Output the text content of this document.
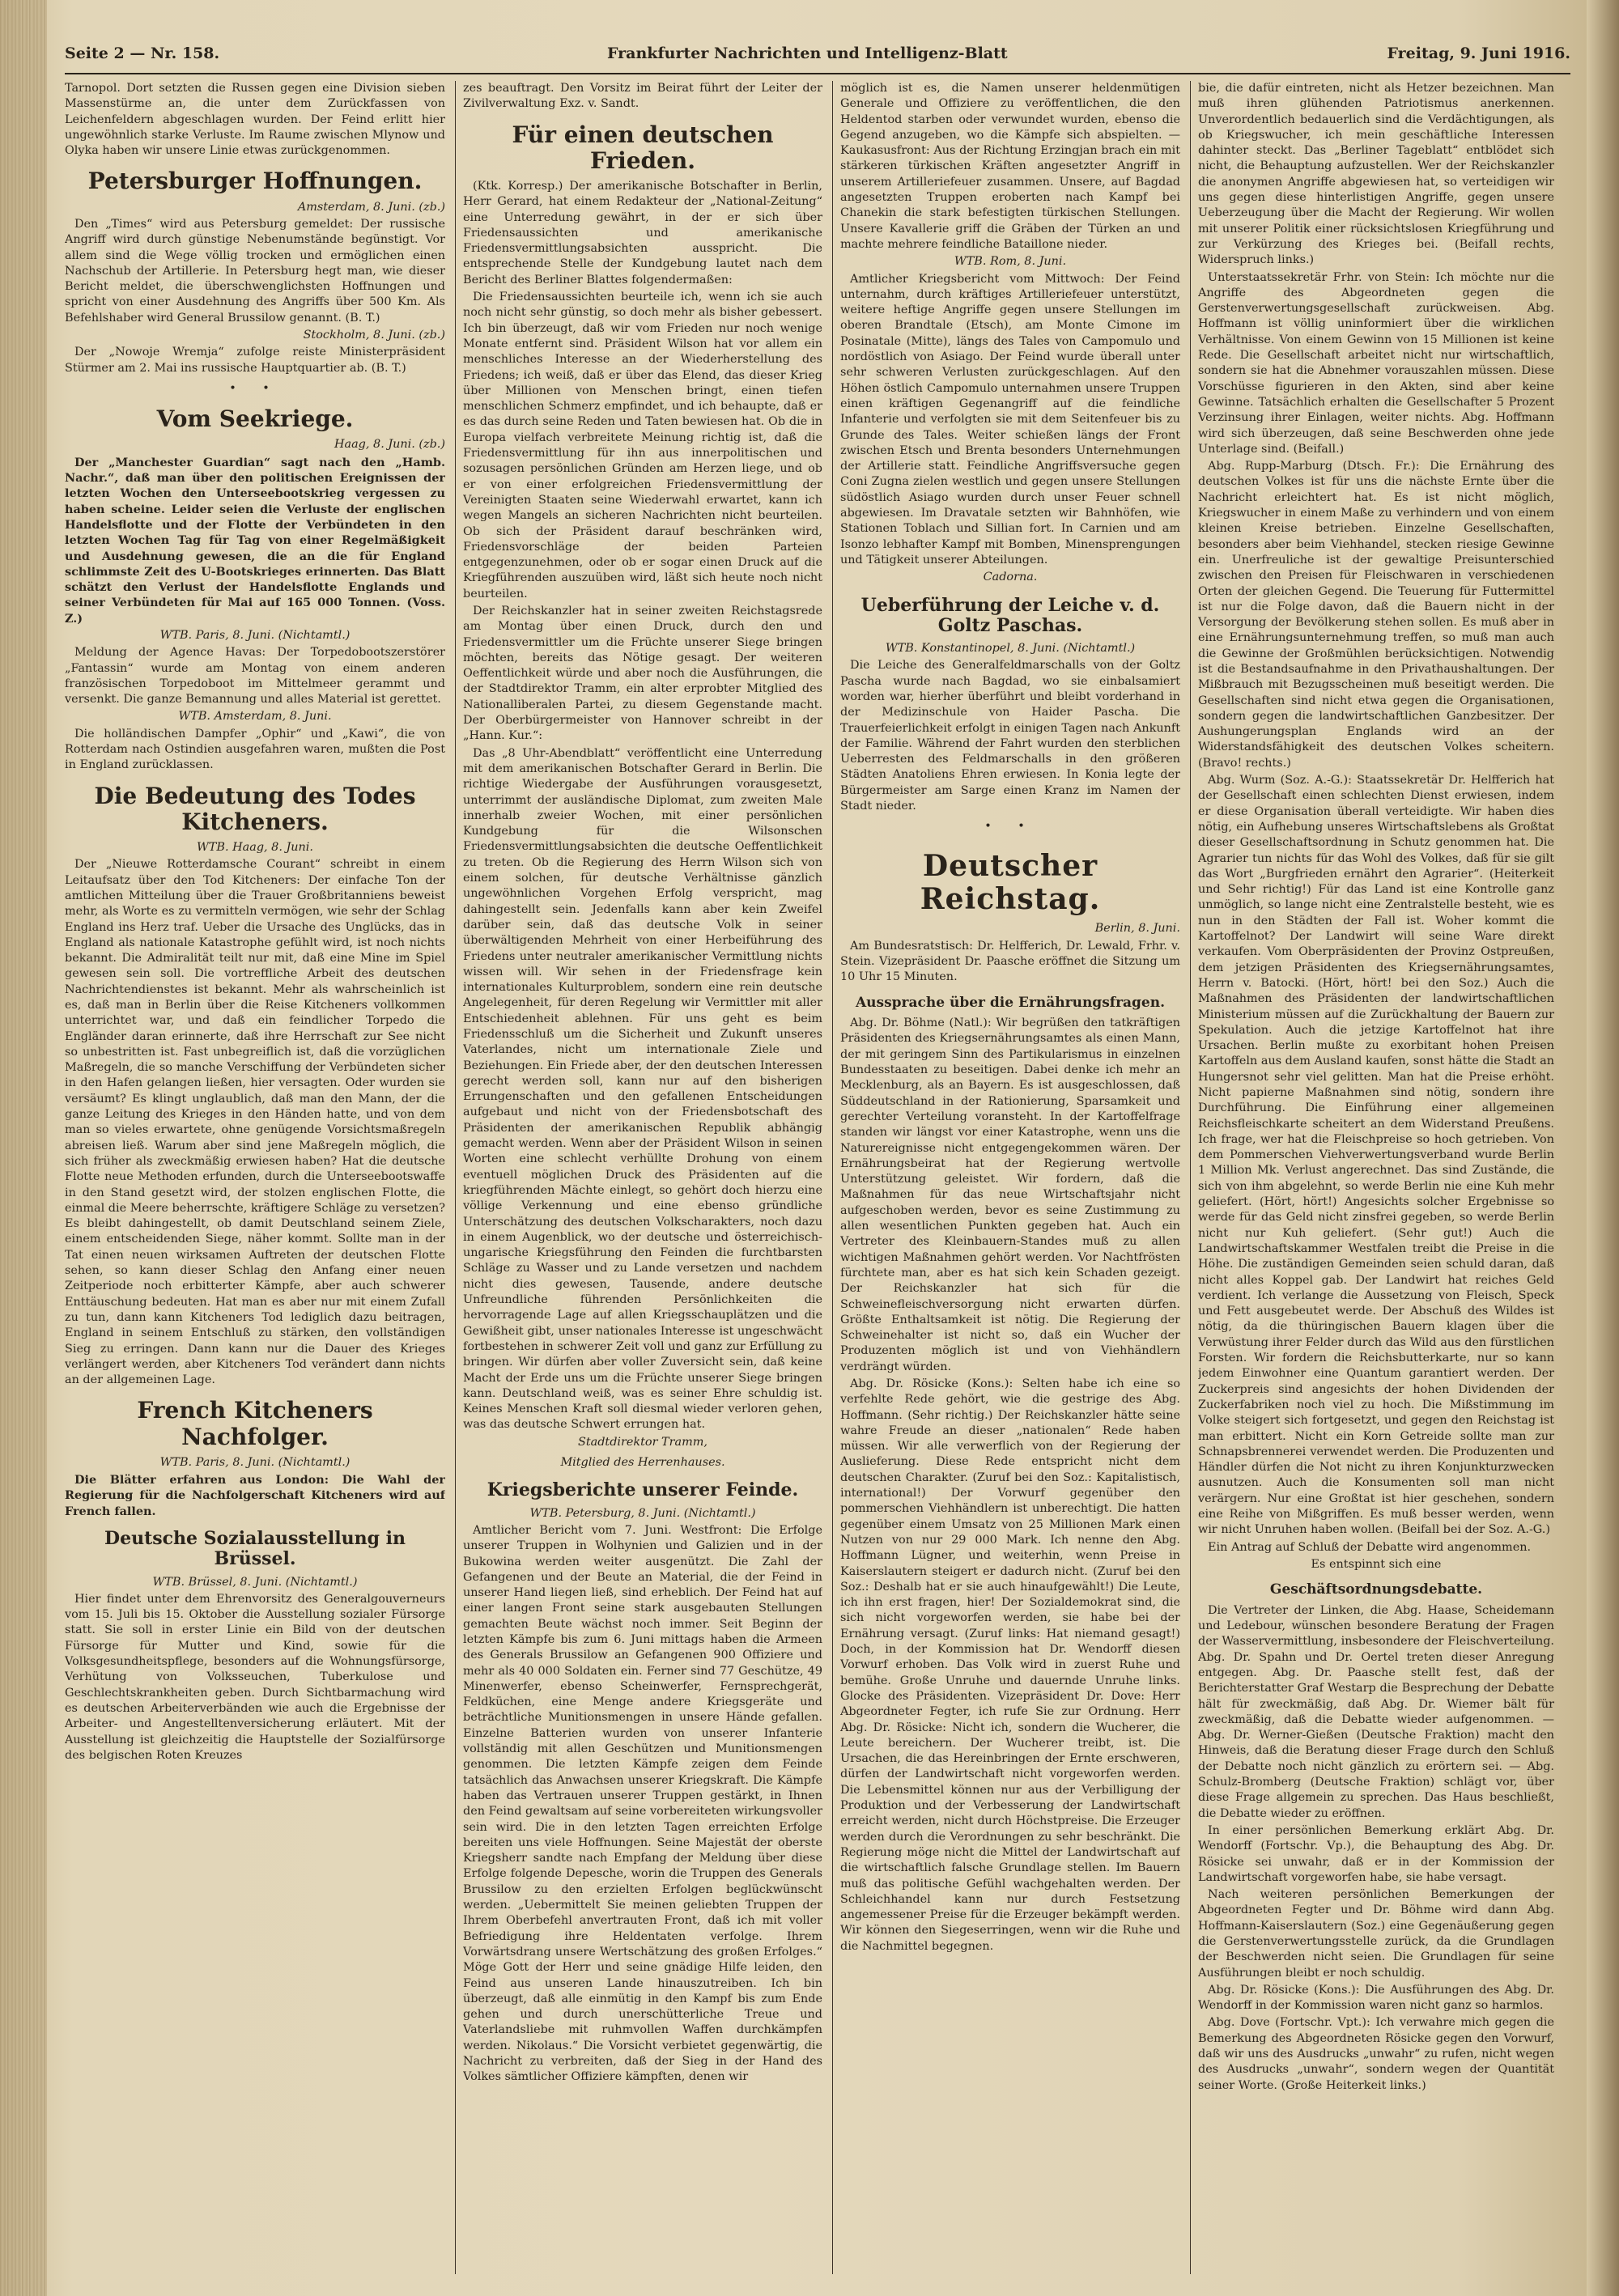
Seite 2 — Nr. 158.	Frankfurter Nachrichten und Intelligenz-Blatt	Freitag, 9. Juni 1916.

Tarnopol. Dort setzten die Russen gegen eine Division sieben Massenstürme an, die unter dem Zurückfassen von Leichenfeldern abgeschlagen wurden. Der Feind erlitt hier ungewöhnlich starke Verluste. Im Raume zwischen Mlynow und Olyka haben wir unsere Linie etwas zurückgenommen.

Petersburger Hoffnungen.
Amsterdam, 8. Juni. (zb.)

Den „Times“ wird aus Petersburg gemeldet: Der russische Angriff wird durch günstige Nebenumstände begünstigt. Vor allem sind die Wege völlig trocken und ermöglichen einen Nachschub der Artillerie. In Petersburg hegt man, wie dieser Bericht meldet, die überschwenglichsten Hoffnungen und spricht von einer Ausdehnung des Angriffs über 500 Km. Als Befehlshaber wird General Brussilow genannt. (B. T.)

Stockholm, 8. Juni. (zb.)

Der „Nowoje Wremja“ zufolge reiste Ministerpräsident Stürmer am 2. Mai ins russische Hauptquartier ab. (B. T.)

• •
Vom Seekriege.
Haag, 8. Juni. (zb.)

Der „Manchester Guardian“ sagt nach den „Hamb. Nachr.“, daß man über den politischen Ereignissen der letzten Wochen den Unterseebootskrieg vergessen zu haben scheine. Leider seien die Verluste der englischen Handelsflotte und der Flotte der Verbündeten in den letzten Wochen Tag für Tag von einer Regelmäßigkeit und Ausdehnung gewesen, die an die für England schlimmste Zeit des U-Bootskrieges erinnerten. Das Blatt schätzt den Verlust der Handelsflotte Englands und seiner Verbündeten für Mai auf 165 000 Tonnen. (Voss. Z.)

WTB. Paris, 8. Juni. (Nichtamtl.)

Meldung der Agence Havas: Der Torpedobootszerstörer „Fantassin“ wurde am Montag von einem anderen französischen Torpedoboot im Mittelmeer gerammt und versenkt. Die ganze Bemannung und alles Material ist gerettet.

WTB. Amsterdam, 8. Juni.

Die holländischen Dampfer „Ophir“ und „Kawi“, die von Rotterdam nach Ostindien ausgefahren waren, mußten die Post in England zurücklassen.

Die Bedeutung des Todes Kitcheners.
WTB. Haag, 8. Juni.

Der „Nieuwe Rotterdamsche Courant“ schreibt in einem Leitaufsatz über den Tod Kitcheners: Der einfache Ton der amtlichen Mitteilung über die Trauer Großbritanniens beweist mehr, als Worte es zu vermitteln vermögen, wie sehr der Schlag England ins Herz traf. Ueber die Ursache des Unglücks, das in England als nationale Katastrophe gefühlt wird, ist noch nichts bekannt. Die Admiralität teilt nur mit, daß eine Mine im Spiel gewesen sein soll. Die vortreffliche Arbeit des deutschen Nachrichtendienstes ist bekannt. Mehr als wahrscheinlich ist es, daß man in Berlin über die Reise Kitcheners vollkommen unterrichtet war, und daß ein feindlicher Torpedo die Engländer daran erinnerte, daß ihre Herrschaft zur See nicht so unbestritten ist. Fast unbegreiflich ist, daß die vorzüglichen Maßregeln, die so manche Verschiffung der Verbündeten sicher in den Hafen gelangen ließen, hier versagten. Oder wurden sie versäumt? Es klingt unglaublich, daß man den Mann, der die ganze Leitung des Krieges in den Händen hatte, und von dem man so vieles erwartete, ohne genügende Vorsichtsmaßregeln abreisen ließ. Warum aber sind jene Maßregeln möglich, die sich früher als zweckmäßig erwiesen haben? Hat die deutsche Flotte neue Methoden erfunden, durch die Unterseebootswaffe in den Stand gesetzt wird, der stolzen englischen Flotte, die einmal die Meere beherrschte, kräftigere Schläge zu versetzen? Es bleibt dahingestellt, ob damit Deutschland seinem Ziele, einem entscheidenden Siege, näher kommt. Sollte man in der Tat einen neuen wirksamen Auftreten der deutschen Flotte sehen, so kann dieser Schlag den Anfang einer neuen Zeitperiode noch erbitterter Kämpfe, aber auch schwerer Enttäuschung bedeuten. Hat man es aber nur mit einem Zufall zu tun, dann kann Kitcheners Tod lediglich dazu beitragen, England in seinem Entschluß zu stärken, den vollständigen Sieg zu erringen. Dann kann nur die Dauer des Krieges verlängert werden, aber Kitcheners Tod verändert dann nichts an der allgemeinen Lage.

French Kitcheners Nachfolger.
WTB. Paris, 8. Juni. (Nichtamtl.)

Die Blätter erfahren aus London: Die Wahl der Regierung für die Nachfolgerschaft Kitcheners wird auf French fallen.

Deutsche Sozialausstellung in Brüssel.
WTB. Brüssel, 8. Juni. (Nichtamtl.)

Hier findet unter dem Ehrenvorsitz des Generalgouverneurs vom 15. Juli bis 15. Oktober die Ausstellung sozialer Fürsorge statt. Sie soll in erster Linie ein Bild von der deutschen Fürsorge für Mutter und Kind, sowie für die Volksgesundheitspflege, besonders auf die Wohnungsfürsorge, Verhütung von Volksseuchen, Tuberkulose und Geschlechtskrankheiten geben. Durch Sichtbarmachung wird es deutschen Arbeiterverbänden wie auch die Ergebnisse der Arbeiter- und Angestelltenversicherung erläutert. Mit der Ausstellung ist gleichzeitig die Hauptstelle der Sozialfürsorge des belgischen Roten Kreuzes

zes beauftragt. Den Vorsitz im Beirat führt der Leiter der Zivilverwaltung Exz. v. Sandt.

Für einen deutschen Frieden.

(Ktk. Korresp.) Der amerikanische Botschafter in Berlin, Herr Gerard, hat einem Redakteur der „National-Zeitung“ eine Unterredung gewährt, in der er sich über Friedensaussichten und amerikanische Friedensvermittlungsabsichten ausspricht. Die entsprechende Stelle der Kundgebung lautet nach dem Bericht des Berliner Blattes folgendermaßen:

Die Friedensaussichten beurteile ich, wenn ich sie auch noch nicht sehr günstig, so doch mehr als bisher gebessert. Ich bin überzeugt, daß wir vom Frieden nur noch wenige Monate entfernt sind. Präsident Wilson hat vor allem ein menschliches Interesse an der Wiederherstellung des Friedens; ich weiß, daß er über das Elend, das dieser Krieg über Millionen von Menschen bringt, einen tiefen menschlichen Schmerz empfindet, und ich behaupte, daß er es das durch seine Reden und Taten bewiesen hat. Ob die in Europa vielfach verbreitete Meinung richtig ist, daß die Friedensvermittlung für ihn aus innerpolitischen und sozusagen persönlichen Gründen am Herzen liege, und ob er von einer erfolgreichen Friedensvermittlung der Vereinigten Staaten seine Wiederwahl erwartet, kann ich wegen Mangels an sicheren Nachrichten nicht beurteilen. Ob sich der Präsident darauf beschränken wird, Friedensvorschläge der beiden Parteien entgegenzunehmen, oder ob er sogar einen Druck auf die Kriegführenden auszuüben wird, läßt sich heute noch nicht beurteilen.

Der Reichskanzler hat in seiner zweiten Reichstagsrede am Montag über einen Druck, durch den und Friedensvermittler um die Früchte unserer Siege bringen möchten, bereits das Nötige gesagt. Der weiteren Oeffentlichkeit würde und aber noch die Ausführungen, die der Stadtdirektor Tramm, ein alter erprobter Mitglied des Nationalliberalen Partei, zu diesem Gegenstande macht. Der Oberbürgermeister von Hannover schreibt in der „Hann. Kur.“:

Das „8 Uhr-Abendblatt“ veröffentlicht eine Unterredung mit dem amerikanischen Botschafter Gerard in Berlin. Die richtige Wiedergabe der Ausführungen vorausgesetzt, unterrimmt der ausländische Diplomat, zum zweiten Male innerhalb zweier Wochen, mit einer persönlichen Kundgebung für die Wilsonschen Friedensvermittlungsabsichten die deutsche Oeffentlichkeit zu treten. Ob die Regierung des Herrn Wilson sich von einem solchen, für deutsche Verhältnisse gänzlich ungewöhnlichen Vorgehen Erfolg verspricht, mag dahingestellt sein. Jedenfalls kann aber kein Zweifel darüber sein, daß das deutsche Volk in seiner überwältigenden Mehrheit von einer Herbeiführung des Friedens unter neutraler amerikanischer Vermittlung nichts wissen will. Wir sehen in der Friedensfrage kein internationales Kulturproblem, sondern eine rein deutsche Angelegenheit, für deren Regelung wir Vermittler mit aller Entschiedenheit ablehnen. Für uns geht es beim Friedensschluß um die Sicherheit und Zukunft unseres Vaterlandes, nicht um internationale Ziele und Beziehungen. Ein Friede aber, der den deutschen Interessen gerecht werden soll, kann nur auf den bisherigen Errungenschaften und den gefallenen Entscheidungen aufgebaut und nicht von der Friedensbotschaft des Präsidenten der amerikanischen Republik abhängig gemacht werden. Wenn aber der Präsident Wilson in seinen Worten eine schlecht verhüllte Drohung von einem eventuell möglichen Druck des Präsidenten auf die kriegführenden Mächte einlegt, so gehört doch hierzu eine völlige Verkennung und eine ebenso gründliche Unterschätzung des deutschen Volkscharakters, noch dazu in einem Augenblick, wo der deutsche und österreichisch-ungarische Kriegsführung den Feinden die furchtbarsten Schläge zu Wasser und zu Lande versetzen und nachdem nicht dies gewesen, Tausende, andere deutsche Unfreundliche führenden Persönlichkeiten die hervorragende Lage auf allen Kriegsschauplätzen und die Gewißheit gibt, unser nationales Interesse ist ungeschwächt fortbestehen in schwerer Zeit voll und ganz zur Erfüllung zu bringen. Wir dürfen aber voller Zuversicht sein, daß keine Macht der Erde uns um die Früchte unserer Siege bringen kann. Deutschland weiß, was es seiner Ehre schuldig ist. Keines Menschen Kraft soll diesmal wieder verloren gehen, was das deutsche Schwert errungen hat.

Stadtdirektor Tramm,
Mitglied des Herrenhauses.
Kriegsberichte unserer Feinde.
WTB. Petersburg, 8. Juni. (Nichtamtl.)

Amtlicher Bericht vom 7. Juni. Westfront: Die Erfolge unserer Truppen in Wolhynien und Galizien und in der Bukowina werden weiter ausgenützt. Die Zahl der Gefangenen und der Beute an Material, die der Feind in unserer Hand liegen ließ, sind erheblich. Der Feind hat auf einer langen Front seine stark ausgebauten Stellungen gemachten Beute wächst noch immer. Seit Beginn der letzten Kämpfe bis zum 6. Juni mittags haben die Armeen des Generals Brussilow an Gefangenen 900 Offiziere und mehr als 40 000 Soldaten ein. Ferner sind 77 Geschütze, 49 Minenwerfer, ebenso Scheinwerfer, Fernsprechgerät, Feldküchen, eine Menge andere Kriegsgeräte und beträchtliche Munitionsmengen in unsere Hände gefallen. Einzelne Batterien wurden von unserer Infanterie vollständig mit allen Geschützen und Munitionsmengen genommen. Die letzten Kämpfe zeigen dem Feinde tatsächlich das Anwachsen unserer Kriegskraft. Die Kämpfe haben das Vertrauen unserer Truppen gestärkt, in Ihnen den Feind gewaltsam auf seine vorbereiteten wirkungsvoller sein wird. Die in den letzten Tagen erreichten Erfolge bereiten uns viele Hoffnungen. Seine Majestät der oberste Kriegsherr sandte nach Empfang der Meldung über diese Erfolge folgende Depesche, worin die Truppen des Generals Brussilow zu den erzielten Erfolgen beglückwünscht werden. „Uebermittelt Sie meinen geliebten Truppen der Ihrem Oberbefehl anvertrauten Front, daß ich mit voller Befriedigung ihre Heldentaten verfolge. Ihrem Vorwärtsdrang unsere Wertschätzung des großen Erfolges.“ Möge Gott der Herr und seine gnädige Hilfe leiden, den Feind aus unseren Lande hinauszutreiben. Ich bin überzeugt, daß alle einmütig in den Kampf bis zum Ende gehen und durch unerschütterliche Treue und Vaterlandsliebe mit ruhmvollen Waffen durchkämpfen werden. Nikolaus.“ Die Vorsicht verbietet gegenwärtig, die Nachricht zu verbreiten, daß der Sieg in der Hand des Volkes sämtlicher Offiziere kämpften, denen wir

möglich ist es, die Namen unserer heldenmütigen Generale und Offiziere zu veröffentlichen, die den Heldentod starben oder verwundet wurden, ebenso die Gegend anzugeben, wo die Kämpfe sich abspielten. — Kaukasusfront: Aus der Richtung Erzingjan brach ein mit stärkeren türkischen Kräften angesetzter Angriff in unserem Artilleriefeuer zusammen. Unsere, auf Bagdad angesetzten Truppen eroberten nach Kampf bei Chanekin die stark befestigten türkischen Stellungen. Unsere Kavallerie griff die Gräben der Türken an und machte mehrere feindliche Bataillone nieder.

WTB. Rom, 8. Juni.

Amtlicher Kriegsbericht vom Mittwoch: Der Feind unternahm, durch kräftiges Artilleriefeuer unterstützt, weitere heftige Angriffe gegen unsere Stellungen im oberen Brandtale (Etsch), am Monte Cimone im Posinatale (Mitte), längs des Tales von Campomulo und nordöstlich von Asiago. Der Feind wurde überall unter sehr schweren Verlusten zurückgeschlagen. Auf den Höhen östlich Campomulo unternahmen unsere Truppen einen kräftigen Gegenangriff auf die feindliche Infanterie und verfolgten sie mit dem Seitenfeuer bis zu Grunde des Tales. Weiter schießen längs der Front zwischen Etsch und Brenta besonders Unternehmungen der Artillerie statt. Feindliche Angriffsversuche gegen Coni Zugna zielen westlich und gegen unsere Stellungen südöstlich Asiago wurden durch unser Feuer schnell abgewiesen. Im Dravatale setzten wir Bahnhöfen, wie Stationen Toblach und Sillian fort. In Carnien und am Isonzo lebhafter Kampf mit Bomben, Minensprengungen und Tätigkeit unserer Abteilungen.

Cadorna.
Ueberführung der Leiche v. d. Goltz Paschas.
WTB. Konstantinopel, 8. Juni. (Nichtamtl.)

Die Leiche des Generalfeldmarschalls von der Goltz Pascha wurde nach Bagdad, wo sie einbalsamiert worden war, hierher überführt und bleibt vorderhand in der Medizinschule von Haider Pascha. Die Trauerfeierlichkeit erfolgt in einigen Tagen nach Ankunft der Familie. Während der Fahrt wurden den sterblichen Ueberresten des Feldmarschalls in den größeren Städten Anatoliens Ehren erwiesen. In Konia legte der Bürgermeister am Sarge einen Kranz im Namen der Stadt nieder.

• •
Deutscher Reichstag.
Berlin, 8. Juni.

Am Bundesratstisch: Dr. Helfferich, Dr. Lewald, Frhr. v. Stein. Vizepräsident Dr. Paasche eröffnet die Sitzung um 10 Uhr 15 Minuten.

Aussprache über die Ernährungsfragen.

Abg. Dr. Böhme (Natl.): Wir begrüßen den tatkräftigen Präsidenten des Kriegsernährungsamtes als einen Mann, der mit geringem Sinn des Partikularismus in einzelnen Bundesstaaten zu beseitigen. Dabei denke ich mehr an Mecklenburg, als an Bayern. Es ist ausgeschlossen, daß Süddeutschland in der Rationierung, Sparsamkeit und gerechter Verteilung voransteht. In der Kartoffelfrage standen wir längst vor einer Katastrophe, wenn uns die Naturereignisse nicht entgegengekommen wären. Der Ernährungsbeirat hat der Regierung wertvolle Unterstützung geleistet. Wir fordern, daß die Maßnahmen für das neue Wirtschaftsjahr nicht aufgeschoben werden, bevor es seine Zustimmung zu allen wesentlichen Punkten gegeben hat. Auch ein Vertreter des Kleinbauern-Standes muß zu allen wichtigen Maßnahmen gehört werden. Vor Nachtfrösten fürchtete man, aber es hat sich kein Schaden gezeigt. Der Reichskanzler hat sich für die Schweinefleischversorgung nicht erwarten dürfen. Größte Enthaltsamkeit ist nötig. Die Regierung der Schweinehalter ist nicht so, daß ein Wucher der Produzenten möglich ist und von Viehhändlern verdrängt würden.

Abg. Dr. Rösicke (Kons.): Selten habe ich eine so verfehlte Rede gehört, wie die gestrige des Abg. Hoffmann. (Sehr richtig.) Der Reichskanzler hätte seine wahre Freude an dieser „nationalen“ Rede haben müssen. Wir alle verwerflich von der Regierung der Auslieferung. Diese Rede entspricht nicht dem deutschen Charakter. (Zuruf bei den Soz.: Kapitalistisch, international!) Der Vorwurf gegenüber den pommerschen Viehhändlern ist unberechtigt. Die hatten gegenüber einem Umsatz von 25 Millionen Mark einen Nutzen von nur 29 000 Mark. Ich nenne den Abg. Hoffmann Lügner, und weiterhin, wenn Preise in Kaiserslautern steigert er dadurch nicht. (Zuruf bei den Soz.: Deshalb hat er sie auch hinaufgewählt!) Die Leute, ich ihn erst fragen, hier! Der Sozialdemokrat sind, die sich nicht vorgeworfen werden, sie habe bei der Ernährung versagt. (Zuruf links: Hat niemand gesagt!) Doch, in der Kommission hat Dr. Wendorff diesen Vorwurf erhoben. Das Volk wird in zuerst Ruhe und bemühe. Große Unruhe und dauernde Unruhe links. Glocke des Präsidenten. Vizepräsident Dr. Dove: Herr Abgeordneter Fegter, ich rufe Sie zur Ordnung. Herr Abg. Dr. Rösicke: Nicht ich, sondern die Wucherer, die Leute bereichern. Der Wucherer treibt, ist. Die Ursachen, die das Hereinbringen der Ernte erschweren, dürfen der Landwirtschaft nicht vorgeworfen werden. Die Lebensmittel können nur aus der Verbilligung der Produktion und der Verbesserung der Landwirtschaft erreicht werden, nicht durch Höchstpreise. Die Erzeuger werden durch die Verordnungen zu sehr beschränkt. Die Regierung möge nicht die Mittel der Landwirtschaft auf die wirtschaftlich falsche Grundlage stellen. Im Bauern muß das politische Gefühl wachgehalten werden. Der Schleichhandel kann nur durch Festsetzung angemessener Preise für die Erzeuger bekämpft werden. Wir können den Siegeserringen, wenn wir die Ruhe und die Nachmittel begegnen.

bie, die dafür eintreten, nicht als Hetzer bezeichnen. Man muß ihren glühenden Patriotismus anerkennen. Unverordentlich bedauerlich sind die Verdächtigungen, als ob Kriegswucher, ich mein geschäftliche Interessen dahinter steckt. Das „Berliner Tageblatt“ entblödet sich nicht, die Behauptung aufzustellen. Wer der Reichskanzler die anonymen Angriffe abgewiesen hat, so verteidigen wir uns gegen diese hinterlistigen Angriffe, gegen unsere Ueberzeugung über die Macht der Regierung. Wir wollen mit unserer Politik einer rücksichtslosen Kriegführung und zur Verkürzung des Krieges bei. (Beifall rechts, Widerspruch links.)

Unterstaatssekretär Frhr. von Stein: Ich möchte nur die Angriffe des Abgeordneten gegen die Gerstenverwertungsgesellschaft zurückweisen. Abg. Hoffmann ist völlig uninformiert über die wirklichen Verhältnisse. Von einem Gewinn von 15 Millionen ist keine Rede. Die Gesellschaft arbeitet nicht nur wirtschaftlich, sondern sie hat die Abnehmer vorauszahlen müssen. Diese Vorschüsse figurieren in den Akten, sind aber keine Gewinne. Tatsächlich erhalten die Gesellschafter 5 Prozent Verzinsung ihrer Einlagen, weiter nichts. Abg. Hoffmann wird sich überzeugen, daß seine Beschwerden ohne jede Unterlage sind. (Beifall.)

Abg. Rupp-Marburg (Dtsch. Fr.): Die Ernährung des deutschen Volkes ist für uns die nächste Ernte über die Nachricht erleichtert hat. Es ist nicht möglich, Kriegswucher in einem Maße zu verhindern und von einem kleinen Kreise betrieben. Einzelne Gesellschaften, besonders aber beim Viehhandel, stecken riesige Gewinne ein. Unerfreuliche ist der gewaltige Preisunterschied zwischen den Preisen für Fleischwaren in verschiedenen Orten der gleichen Gegend. Die Teuerung für Futtermittel ist nur die Folge davon, daß die Bauern nicht in der Versorgung der Bevölkerung stehen sollen. Es muß aber in eine Ernährungsunternehmung treffen, so muß man auch die Gewinne der Großmühlen berücksichtigen. Notwendig ist die Bestandsaufnahme in den Privathaushaltungen. Der Mißbrauch mit Bezugsscheinen muß beseitigt werden. Die Gesellschaften sind nicht etwa gegen die Organisationen, sondern gegen die landwirtschaftlichen Ganzbesitzer. Der Aushungerungsplan Englands wird an der Widerstandsfähigkeit des deutschen Volkes scheitern. (Bravo! rechts.)

Abg. Wurm (Soz. A.-G.): Staatssekretär Dr. Helfferich hat der Gesellschaft einen schlechten Dienst erwiesen, indem er diese Organisation überall verteidigte. Wir haben dies nötig, ein Aufhebung unseres Wirtschaftslebens als Großtat dieser Gesellschaftsordnung in Schutz genommen hat. Die Agrarier tun nichts für das Wohl des Volkes, daß für sie gilt das Wort „Burgfrieden ernährt den Agrarier“. (Heiterkeit und Sehr richtig!) Für das Land ist eine Kontrolle ganz unmöglich, so lange nicht eine Zentralstelle besteht, wie es nun in den Städten der Fall ist. Woher kommt die Kartoffelnot? Der Landwirt will seine Ware direkt verkaufen. Vom Oberpräsidenten der Provinz Ostpreußen, dem jetzigen Präsidenten des Kriegsernährungsamtes, Herrn v. Batocki. (Hört, hört! bei den Soz.) Auch die Maßnahmen des Präsidenten der landwirtschaftlichen Ministerium müssen auf die Zurückhaltung der Bauern zur Spekulation. Auch die jetzige Kartoffelnot hat ihre Ursachen. Berlin mußte zu exorbitant hohen Preisen Kartoffeln aus dem Ausland kaufen, sonst hätte die Stadt an Hungersnot sehr viel gelitten. Man hat die Preise erhöht. Nicht papierne Maßnahmen sind nötig, sondern ihre Durchführung. Die Einführung einer allgemeinen Reichsfleischkarte scheitert an dem Widerstand Preußens. Ich frage, wer hat die Fleischpreise so hoch getrieben. Von dem Pommerschen Viehverwertungsverband wurde Berlin 1 Million Mk. Verlust angerechnet. Das sind Zustände, die sich von ihm abgelehnt, so werde Berlin nie eine Kuh mehr geliefert. (Hört, hört!) Angesichts solcher Ergebnisse so werde für das Geld nicht zinsfrei gegeben, so werde Berlin nicht nur Kuh geliefert. (Sehr gut!) Auch die Landwirtschaftskammer Westfalen treibt die Preise in die Höhe. Die zuständigen Gemeinden seien schuld daran, daß nicht alles Koppel gab. Der Landwirt hat reiches Geld verdient. Ich verlange die Aussetzung von Fleisch, Speck und Fett ausgebeutet werde. Der Abschuß des Wildes ist nötig, da die thüringischen Bauern klagen über die Verwüstung ihrer Felder durch das Wild aus den fürstlichen Forsten. Wir fordern die Reichsbutterkarte, nur so kann jedem Einwohner eine Quantum garantiert werden. Der Zuckerpreis sind angesichts der hohen Dividenden der Zuckerfabriken noch viel zu hoch. Die Mißstimmung im Volke steigert sich fortgesetzt, und gegen den Reichstag ist man erbittert. Nicht ein Korn Getreide sollte man zur Schnapsbrennerei verwendet werden. Die Produzenten und Händler dürfen die Not nicht zu ihren Konjunkturzwecken ausnutzen. Auch die Konsumenten soll man nicht verärgern. Nur eine Großtat ist hier geschehen, sondern eine Reihe von Mißgriffen. Es muß besser werden, wenn wir nicht Unruhen haben wollen. (Beifall bei der Soz. A.-G.)

Ein Antrag auf Schluß der Debatte wird angenommen.

Es entspinnt sich eine

Geschäftsordnungsdebatte.

Die Vertreter der Linken, die Abg. Haase, Scheidemann und Ledebour, wünschen besondere Beratung der Fragen der Wasservermittlung, insbesondere der Fleischverteilung. Abg. Dr. Spahn und Dr. Oertel treten dieser Anregung entgegen. Abg. Dr. Paasche stellt fest, daß der Berichterstatter Graf Westarp die Besprechung der Debatte hält für zweckmäßig, daß Abg. Dr. Wiemer bält für zweckmäßig, daß die Debatte wieder aufgenommen. — Abg. Dr. Werner-Gießen (Deutsche Fraktion) macht den Hinweis, daß die Beratung dieser Frage durch den Schluß der Debatte noch nicht gänzlich zu erörtern sei. — Abg. Schulz-Bromberg (Deutsche Fraktion) schlägt vor, über diese Frage allgemein zu sprechen. Das Haus beschließt, die Debatte wieder zu eröffnen.

In einer persönlichen Bemerkung erklärt Abg. Dr. Wendorff (Fortschr. Vp.), die Behauptung des Abg. Dr. Rösicke sei unwahr, daß er in der Kommission der Landwirtschaft vorgeworfen habe, sie habe versagt.

Nach weiteren persönlichen Bemerkungen der Abgeordneten Fegter und Dr. Böhme wird dann Abg. Hoffmann-Kaiserslautern (Soz.) eine Gegenäußerung gegen die Gerstenverwertungsstelle zurück, da die Grundlagen der Beschwerden nicht seien. Die Grundlagen für seine Ausführungen bleibt er noch schuldig.

Abg. Dr. Rösicke (Kons.): Die Ausführungen des Abg. Dr. Wendorff in der Kommission waren nicht ganz so harmlos.

Abg. Dove (Fortschr. Vpt.): Ich verwahre mich gegen die Bemerkung des Abgeordneten Rösicke gegen den Vorwurf, daß wir uns des Ausdrucks „unwahr“ zu rufen, nicht wegen des Ausdrucks „unwahr“, sondern wegen der Quantität seiner Worte. (Große Heiterkeit links.)
